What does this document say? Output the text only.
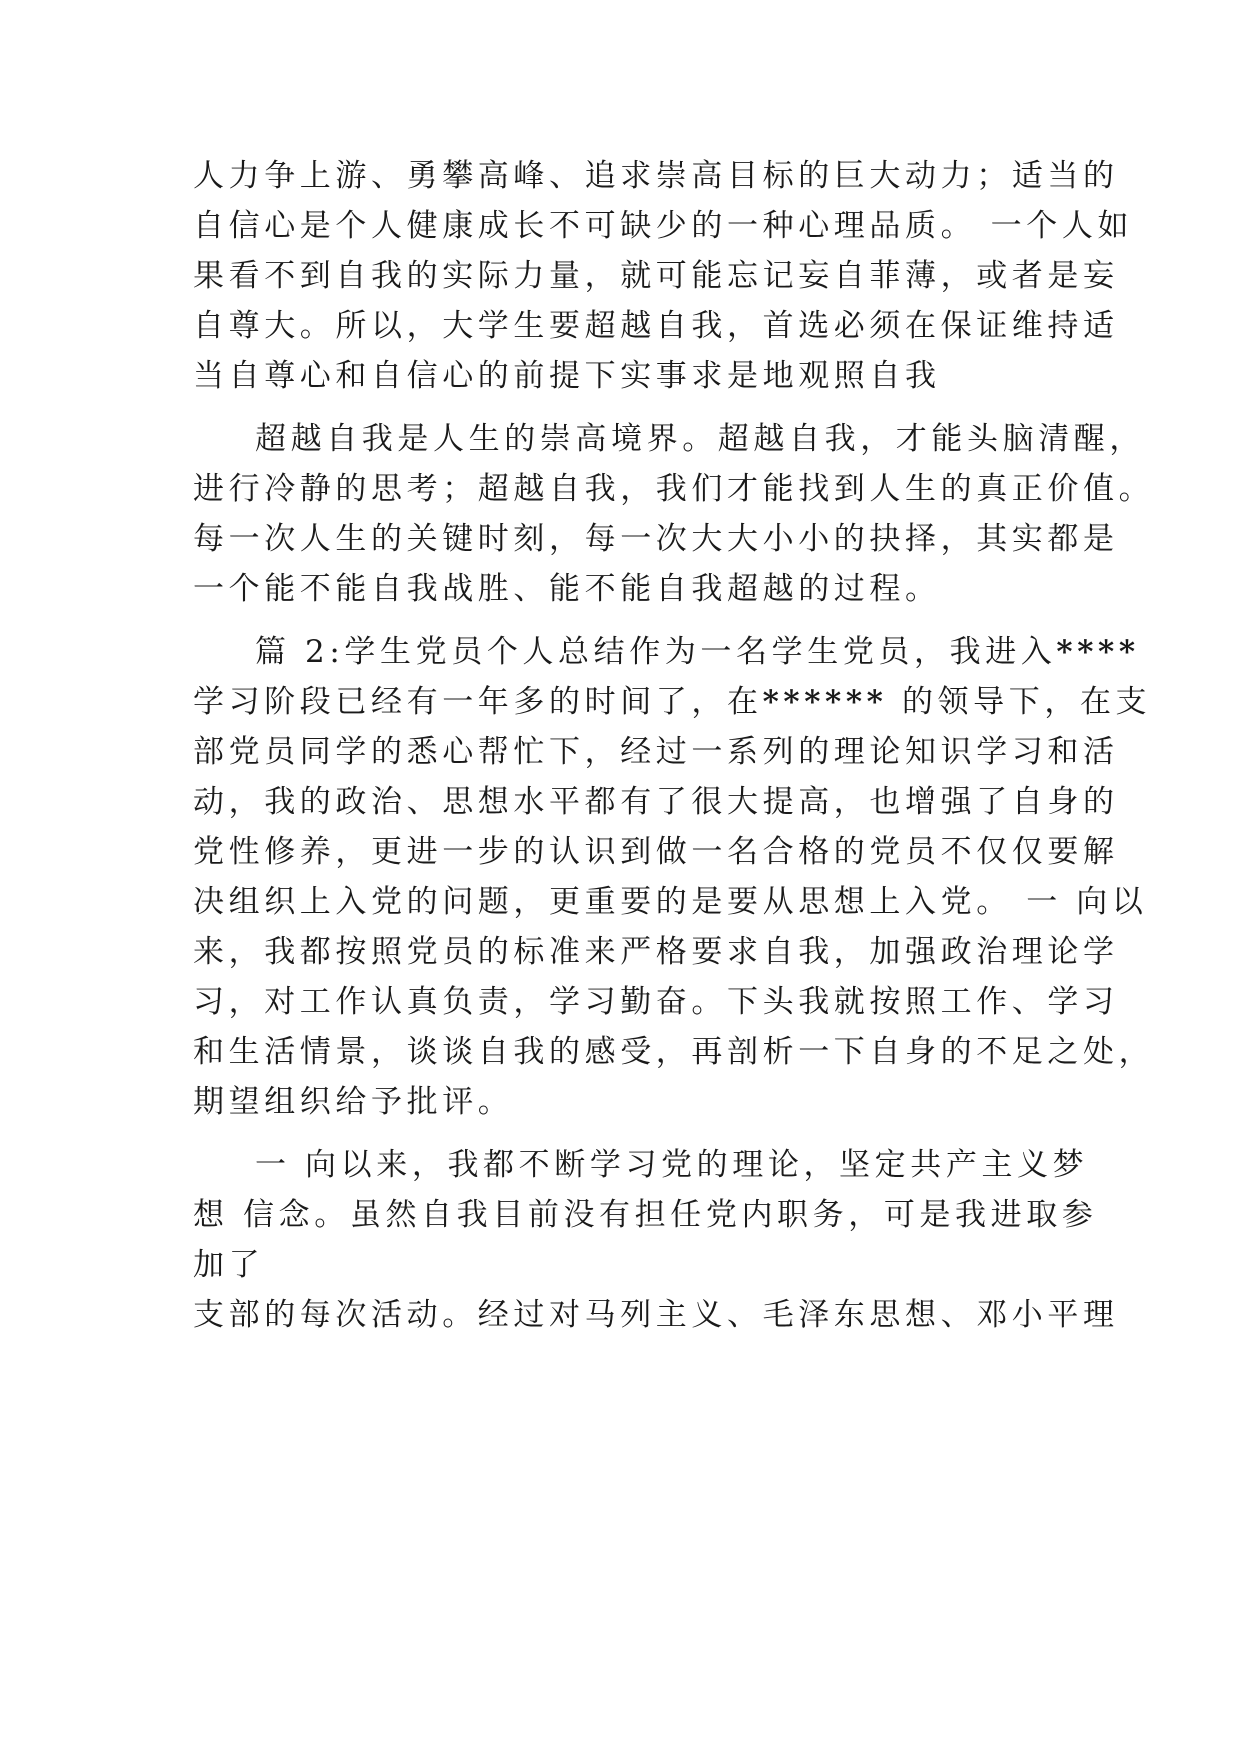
人力争上游、勇攀高峰、追求崇高目标的巨大动力；适当的

自信心是个人健康成长不可缺少的一种心理品质。 一个人如

果看不到自我的实际力量，就可能忘记妄自菲薄，或者是妄

自尊大。所以，大学生要超越自我，首选必须在保证维持适

当自尊心和自信心的前提下实事求是地观照自我

超越自我是人生的崇高境界。超越自我，才能头脑清醒，

进行冷静的思考；超越自我，我们才能找到人生的真正价值。

每一次人生的关键时刻，每一次大大小小的抉择，其实都是

一个能不能自我战胜、能不能自我超越的过程。

篇 2:学生党员个人总结作为一名学生党员，我进入****

学习阶段已经有一年多的时间了，在****** 的领导下，在支

部党员同学的悉心帮忙下，经过一系列的理论知识学习和活

动，我的政治、思想水平都有了很大提高，也增强了自身的

党性修养，更进一步的认识到做一名合格的党员不仅仅要解

决组织上入党的问题，更重要的是要从思想上入党。 一 向以

来，我都按照党员的标准来严格要求自我，加强政治理论学

习，对工作认真负责，学习勤奋。下头我就按照工作、学习

和生活情景，谈谈自我的感受，再剖析一下自身的不足之处，

期望组织给予批评。

一 向以来，我都不断学习党的理论，坚定共产主义梦

想 信念。虽然自我目前没有担任党内职务，可是我进取参

加了

支部的每次活动。经过对马列主义、毛泽东思想、邓小平理
